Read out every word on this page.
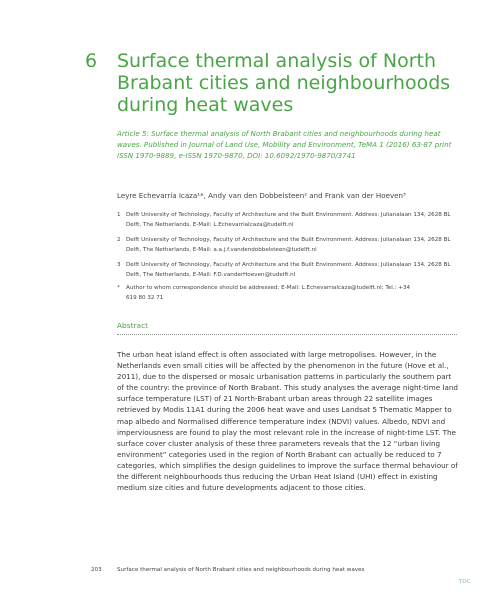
6	Surface thermal analysis of North Brabant cities and neighbourhoods during heat waves
Article 5: Surface thermal analysis of North Brabant cities and neighbourhoods during heat waves. Published in Journal of Land Use, Mobility and Environment, TeMA 1 (2016) 63-87 print ISSN 1970-9889, e-ISSN 1970-9870, DOI: 10.6092/1970-9870/3741
Leyre Echevarría Icaza¹*, Andy van den Dobbelsteen² and Frank van der Hoeven³
1 Delft University of Technology, Faculty of Architecture and the Built Environment. Address: Julianalaan 134, 2628 BL Delft, The Netherlands, E-Mail: L.EchevarriaIcaza@tudelft.nl
2 Delft University of Technology, Faculty of Architecture and the Built Environment. Address: Julianalaan 134, 2628 BL Delft, The Netherlands, E-Mail: a.a.j.f.vandendobbelsteen@tudelft.nl
3 Delft University of Technology, Faculty of Architecture and the Built Environment. Address: Julianalaan 134, 2628 BL Delft, The Netherlands, E-Mail: F.D.vanderHoeven@tudelft.nl
*	Author to whom correspondence should be addressed; E-Mail: L.EchevarriaIcaza@tudelft.nl; Tel.: +34 619 80 32 71
Abstract
The urban heat island effect is often associated with large metropolises. However, in the Netherlands even small cities will be affected by the phenomenon in the future (Hove et al., 2011), due to the dispersed or mosaic urbanisation patterns in particularly the southern part of the country: the province of North Brabant. This study analyses the average night-time land surface temperature (LST) of 21 North-Brabant urban areas through 22 satellite images retrieved by Modis 11A1 during the 2006 heat wave and uses Landsat 5 Thematic Mapper to map albedo and Normalised difference temperature index (NDVI) values. Albedo, NDVI and imperviousness are found to play the most relevant role in the increase of night-time LST. The surface cover cluster analysis of these three parameters reveals that the 12 “urban living environment” categories used in the region of North Brabant can actually be reduced to 7 categories, which simplifies the design guidelines to improve the surface thermal behaviour of the different neighbourhoods thus reducing the Urban Heat Island (UHI) effect in existing medium size cities and future developments adjacent to those cities.
203	Surface thermal analysis of North Brabant cities and neighbourhoods during heat waves
TOC
